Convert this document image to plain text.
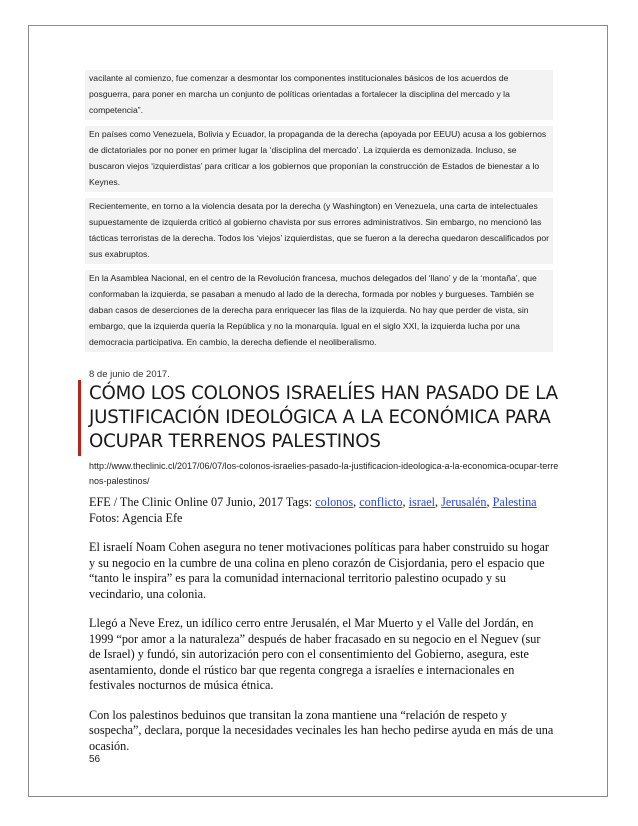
vacilante al comienzo, fue comenzar a desmontar los componentes institucionales básicos de los acuerdos de posguerra, para poner en marcha un conjunto de políticas orientadas a fortalecer la disciplina del mercado y la competencia”.

En países como Venezuela, Bolivia y Ecuador, la propaganda de la derecha (apoyada por EEUU) acusa a los gobiernos de dictatoriales por no poner en primer lugar la ‘disciplina del mercado’. La izquierda es demonizada. Incluso, se buscaron viejos ‘izquierdistas’ para criticar a los gobiernos que proponían la construcción de Estados de bienestar a lo Keynes.

Recientemente, en torno a la violencia desata por la derecha (y Washington) en Venezuela, una carta de intelectuales supuestamente de izquierda criticó al gobierno chavista por sus errores administrativos. Sin embargo, no mencionó las tácticas terroristas de la derecha. Todos los ‘viejos’ izquierdistas, que se fueron a la derecha quedaron descalificados por sus exabruptos.

En la Asamblea Nacional, en el centro de la Revolución francesa, muchos delegados del ‘llano’ y de la ‘montaña’, que conformaban la izquierda, se pasaban a menudo al lado de la derecha, formada por nobles y burgueses. También se daban casos de deserciones de la derecha para enriquecer las filas de la izquierda. No hay que perder de vista, sin embargo, que la izquierda quería la República y no la monarquía. Igual en el siglo XXI, la izquierda lucha por una democracia participativa. En cambio, la derecha defiende el neoliberalismo.

8 de junio de 2017.
CÓMO LOS COLONOS ISRAELÍES HAN PASADO DE LA JUSTIFICACIÓN IDEOLÓGICA A LA ECONÓMICA PARA OCUPAR TERRENOS PALESTINOS
http://www.theclinic.cl/2017/06/07/los-colonos-israelies-pasado-la-justificacion-ideologica-a-la-economica-ocupar-terrenos-palestinos/

EFE / The Clinic Online 07 Junio, 2017 Tags: colonos, conflicto, israel, Jerusalén, Palestina Fotos: Agencia Efe

El israelí Noam Cohen asegura no tener motivaciones políticas para haber construido su hogar y su negocio en la cumbre de una colina en pleno corazón de Cisjordania, pero el espacio que “tanto le inspira” es para la comunidad internacional territorio palestino ocupado y su vecindario, una colonia.

Llegó a Neve Erez, un idílico cerro entre Jerusalén, el Mar Muerto y el Valle del Jordán, en 1999 “por amor a la naturaleza” después de haber fracasado en su negocio en el Neguev (sur de Israel) y fundó, sin autorización pero con el consentimiento del Gobierno, asegura, este asentamiento, donde el rústico bar que regenta congrega a israelíes e internacionales en festivales nocturnos de música étnica.

Con los palestinos beduinos que transitan la zona mantiene una “relación de respeto y sospecha”, declara, porque la necesidades vecinales les han hecho pedirse ayuda en más de una ocasión.

56
